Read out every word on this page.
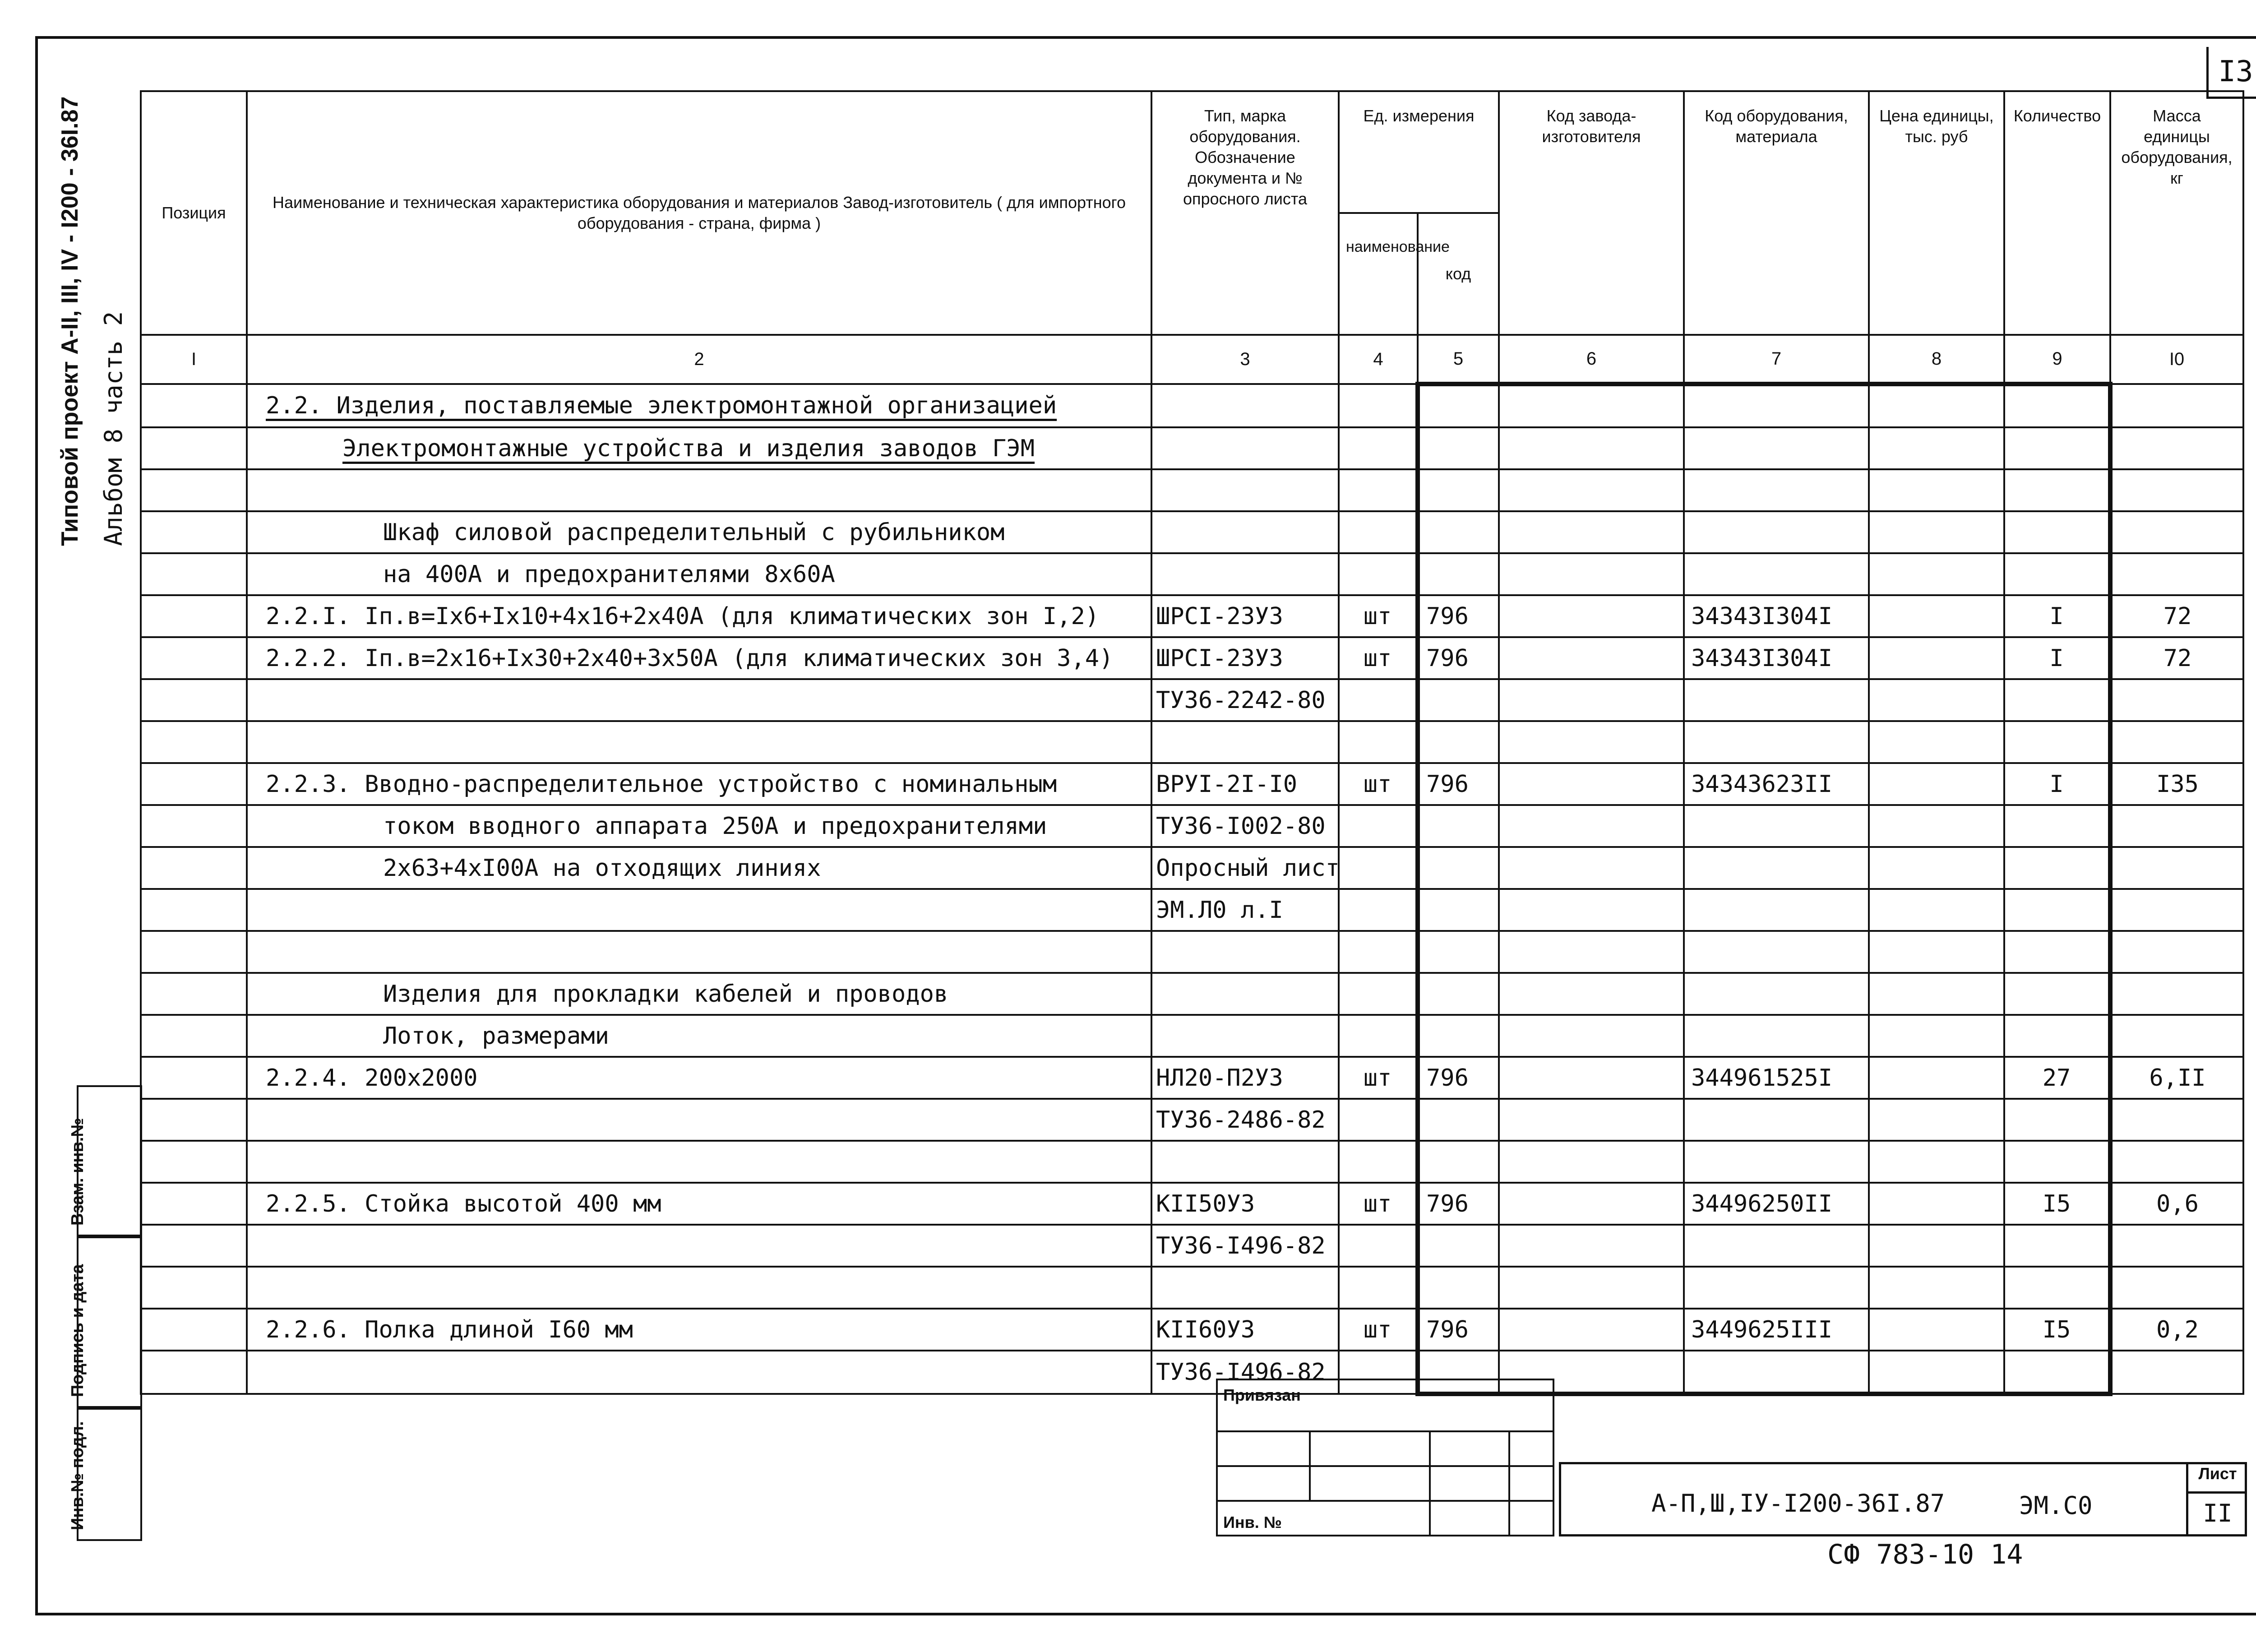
I3
Типовой проект А-II, III, IV - I200 - 36I.87 Альбом 8 часть 2
Позиция	Наименование и техническая характеристика оборудования и материалов Завод-изготовитель ( для импортного оборудования - страна, фирма )	Тип, марка оборудования. Обозначение документа и № опросного листа	Ед. измерения		Код завода-изготовителя	Код оборудования, материала	Цена единицы, тыс. руб	Количество	Масса единицы оборудования, кг
			наименование	код					
I	2	3	4	5	6	7	8	9	I0
	2.2. Изделия, поставляемые электромонтажной организацией								
	Электромонтажные устройства и изделия заводов ГЭМ								

	Шкаф силовой распределительный с рубильником								
	на 400А и предохранителями 8х60А								
	2.2.I. Iп.в=Iх6+Iх10+4х16+2х40А (для климатических зон I,2)	ШРСI-23У3	шт	796		34343I304I		I	72
	2.2.2. Iп.в=2х16+Iх30+2х40+3х50А (для климатических зон 3,4)	ШРСI-23У3	шт	796		34343I304I		I	72
		ТУ36-2242-80							

	2.2.3. Вводно-распределительное устройство с номинальным	ВРУI-2I-I0	шт	796		34343623II		I	I35
	током вводного аппарата 250А и предохранителями	ТУ36-I002-80							
	2х63+4хI00А на отходящих линиях	Опросный лист							
		ЭМ.Л0 л.I							

	Изделия для прокладки кабелей и проводов								
	Лоток, размерами								
	2.2.4. 200х2000	НЛ20-П2У3	шт	796		344961525I		27	6,II
		ТУ36-2486-82							

	2.2.5. Стойка высотой 400 мм	КII50У3	шт	796		34496250II		I5	0,6
		ТУ36-I496-82							

	2.2.6. Полка длиной I60 мм	КII60У3	шт	796		3449625III		I5	0,2
		ТУ36-I496-82							
Взам. инв.№
Подпись и дата
Инв.№ подл.
Привязан			

Инв. №			
А-П,Ш,IУ-I200-36I.87	ЭМ.С0
Лист
II
СФ 783-10 14
